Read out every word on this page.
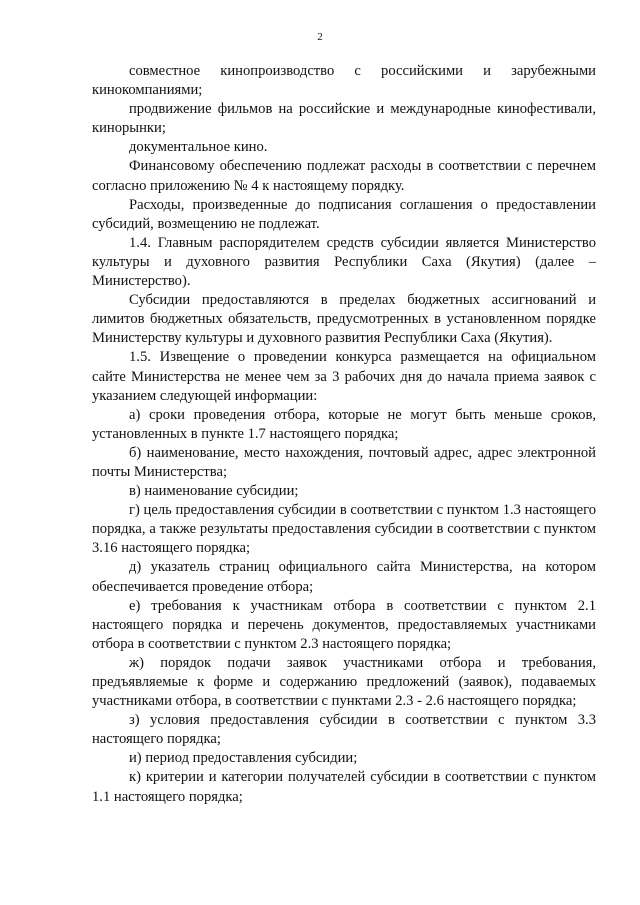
2

совместное кинопроизводство с российскими и зарубежными кинокомпаниями;

продвижение фильмов на российские и международные кинофестивали, кинорынки;

документальное кино.

Финансовому обеспечению подлежат расходы в соответствии с перечнем согласно приложению № 4 к настоящему порядку.

Расходы, произведенные до подписания соглашения о предоставлении субсидий, возмещению не подлежат.

1.4. Главным распорядителем средств субсидии является Министерство культуры и духовного развития Республики Саха (Якутия) (далее – Министерство).

Субсидии предоставляются в пределах бюджетных ассигнований и лимитов бюджетных обязательств, предусмотренных в установленном порядке Министерству культуры и духовного развития Республики Саха (Якутия).

1.5. Извещение о проведении конкурса размещается на официальном сайте Министерства не менее чем за 3 рабочих дня до начала приема заявок с указанием следующей информации:

а) сроки проведения отбора, которые не могут быть меньше сроков, установленных в пункте 1.7 настоящего порядка;

б) наименование, место нахождения, почтовый адрес, адрес электронной почты Министерства;

в) наименование субсидии;

г) цель предоставления субсидии в соответствии с пунктом 1.3 настоящего порядка, а также результаты предоставления субсидии в соответствии с пунктом 3.16 настоящего порядка;

д) указатель страниц официального сайта Министерства, на котором обеспечивается проведение отбора;

е) требования к участникам отбора в соответствии с пунктом 2.1 настоящего порядка и перечень документов, предоставляемых участниками отбора в соответствии с пунктом 2.3 настоящего порядка;

ж) порядок подачи заявок участниками отбора и требования, предъявляемые к форме и содержанию предложений (заявок), подаваемых участниками отбора, в соответствии с пунктами 2.3 - 2.6 настоящего порядка;

з) условия предоставления субсидии в соответствии с пунктом 3.3 настоящего порядка;

и) период предоставления субсидии;

к) критерии и категории получателей субсидии в соответствии с пунктом 1.1 настоящего порядка;
